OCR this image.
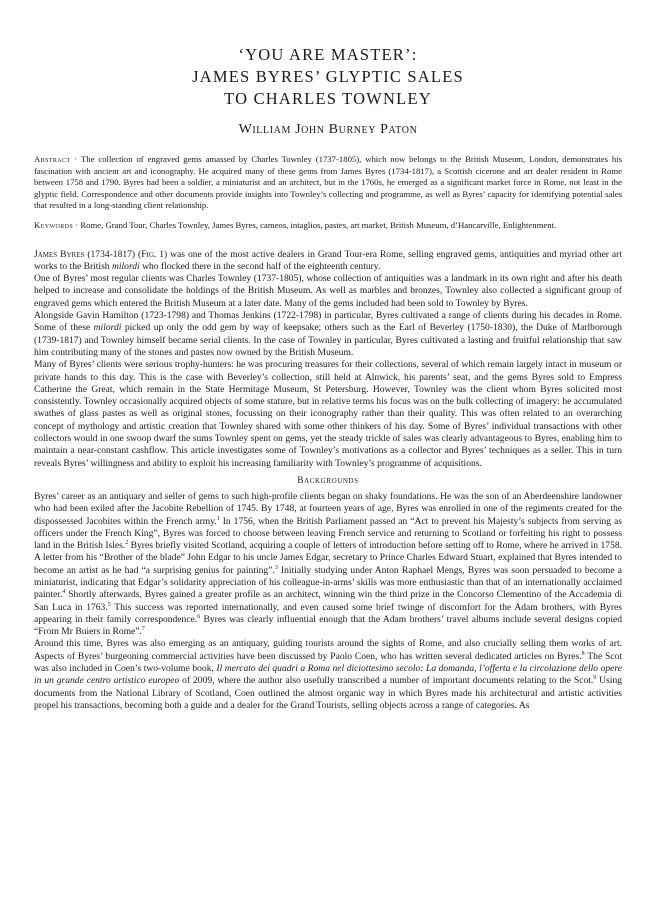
‘YOU ARE MASTER’:
JAMES BYRES’ GLYPTIC SALES
TO CHARLES TOWNLEY
William John Burney Paton

Abstract · The collection of engraved gems amassed by Charles Townley (1737-1805), which now belongs to the British Museum, London, demonstrates his fascination with ancient art and iconography. He acquired many of these gems from James Byres (1734-1817), a Scottish cicerone and art dealer resident in Rome between 1758 and 1790. Byres had been a soldier, a miniaturist and an architect, but in the 1760s, he emerged as a significant market force in Rome, not least in the glyptic field. Correspondence and other documents provide insights into Townley’s collecting and programme, as well as Byres’ capacity for identifying potential sales that resulted in a long-standing client relationship.

Keywords · Rome, Grand Tour, Charles Townley, James Byres, cameos, intaglios, pastes, art market, British Museum, d’Hancarville, Enlightenment.

James Byres (1734-1817) (Fig. 1) was one of the most active dealers in Grand Tour-era Rome, selling engraved gems, antiquities and myriad other art works to the British milordi who flocked there in the second half of the eighteenth century.

One of Byres’ most regular clients was Charles Townley (1737-1805), whose collection of antiquities was a landmark in its own right and after his death helped to increase and consolidate the holdings of the British Museum. As well as marbles and bronzes, Townley also collected a significant group of engraved gems which entered the British Museum at a later date. Many of the gems included had been sold to Townley by Byres.

Alongside Gavin Hamilton (1723-1798) and Thomas Jenkins (1722-1798) in particular, Byres cultivated a range of clients during his decades in Rome. Some of these milordi picked up only the odd gem by way of keepsake; others such as the Earl of Beverley (1750-1830), the Duke of Marlborough (1739-1817) and Townley himself became serial clients. In the case of Townley in particular, Byres cultivated a lasting and fruitful relationship that saw him contributing many of the stones and pastes now owned by the British Museum.

Many of Byres’ clients were serious trophy-hunters: he was procuring treasures for their collections, several of which remain largely intact in museum or private hands to this day. This is the case with Beverley’s collection, still held at Alnwick, his parents’ seat, and the gems Byres sold to Empress Catherine the Great, which remain in the State Hermitage Museum, St Petersburg. However, Townley was the client whom Byres solicited most consistently. Townley occasionally acquired objects of some stature, but in relative terms his focus was on the bulk collecting of imagery: he accumulated swathes of glass pastes as well as original stones, focussing on their iconography rather than their quality. This was often related to an overarching concept of mythology and artistic creation that Townley shared with some other thinkers of his day. Some of Byres’ individual transactions with other collectors would in one swoop dwarf the sums Townley spent on gems, yet the steady trickle of sales was clearly advantageous to Byres, enabling him to maintain a near-constant cashflow. This article investigates some of Townley’s motivations as a collector and Byres’ techniques as a seller. This in turn reveals Byres’ willingness and ability to exploit his increasing familiarity with Townley’s programme of acquisitions.

Backgrounds

Byres’ career as an antiquary and seller of gems to such high-profile clients began on shaky foundations. He was the son of an Aberdeenshire landowner who had been exiled after the Jacobite Rebellion of 1745. By 1748, at fourteen years of age, Byres was enrolled in one of the regiments created for the dispossessed Jacobites within the French army.$^1$ In 1756, when the British Parliament passed an “Act to prevent his Majesty’s subjects from serving as officers under the French King”, Byres was forced to choose between leaving French service and returning to Scotland or forfeiting his right to possess land in the British Isles.$^2$ Byres briefly visited Scotland, acquiring a couple of letters of introduction before setting off to Rome, where he arrived in 1758. A letter from his “Brother of the blade” John Edgar to his uncle James Edgar, secretary to Prince Charles Edward Stuart, explained that Byres intended to become an artist as he had “a surprising genius for painting”.$^3$ Initially studying under Anton Raphael Mengs, Byres was soon persuaded to become a miniaturist, indicating that Edgar’s solidarity appreciation of his colleague-in-arms’ skills was more enthusiastic than that of an internationally acclaimed painter.$^4$ Shortly afterwards, Byres gained a greater profile as an architect, winning win the third prize in the Concorso Clementino of the Accademia di San Luca in 1763.$^5$ This success was reported internationally, and even caused some brief twinge of discomfort for the Adam brothers, with Byres appearing in their family correspondence.$^6$ Byres was clearly influential enough that the Adam brothers’ travel albums include several designs copied “From Mr Buiers in Rome”.$^7$

Around this time, Byres was also emerging as an antiquary, guiding tourists around the sights of Rome, and also crucially selling them works of art. Aspects of Byres’ burgeoning commercial activities have been discussed by Paolo Coen, who has written several dedicated articles on Byres.$^8$ The Scot was also included in Coen’s two-volume book, Il mercato dei quadri a Roma nel diciottesimo secolo: La domanda, l’offerta e la circolazione dello opere in un grande centro artistico europeo of 2009, where the author also usefully transcribed a number of important documents relating to the Scot.$^9$ Using documents from the National Library of Scotland, Coen outlined the almost organic way in which Byres made his architectural and artistic activities propel his transactions, becoming both a guide and a dealer for the Grand Tourists, selling objects across a range of categories. As
